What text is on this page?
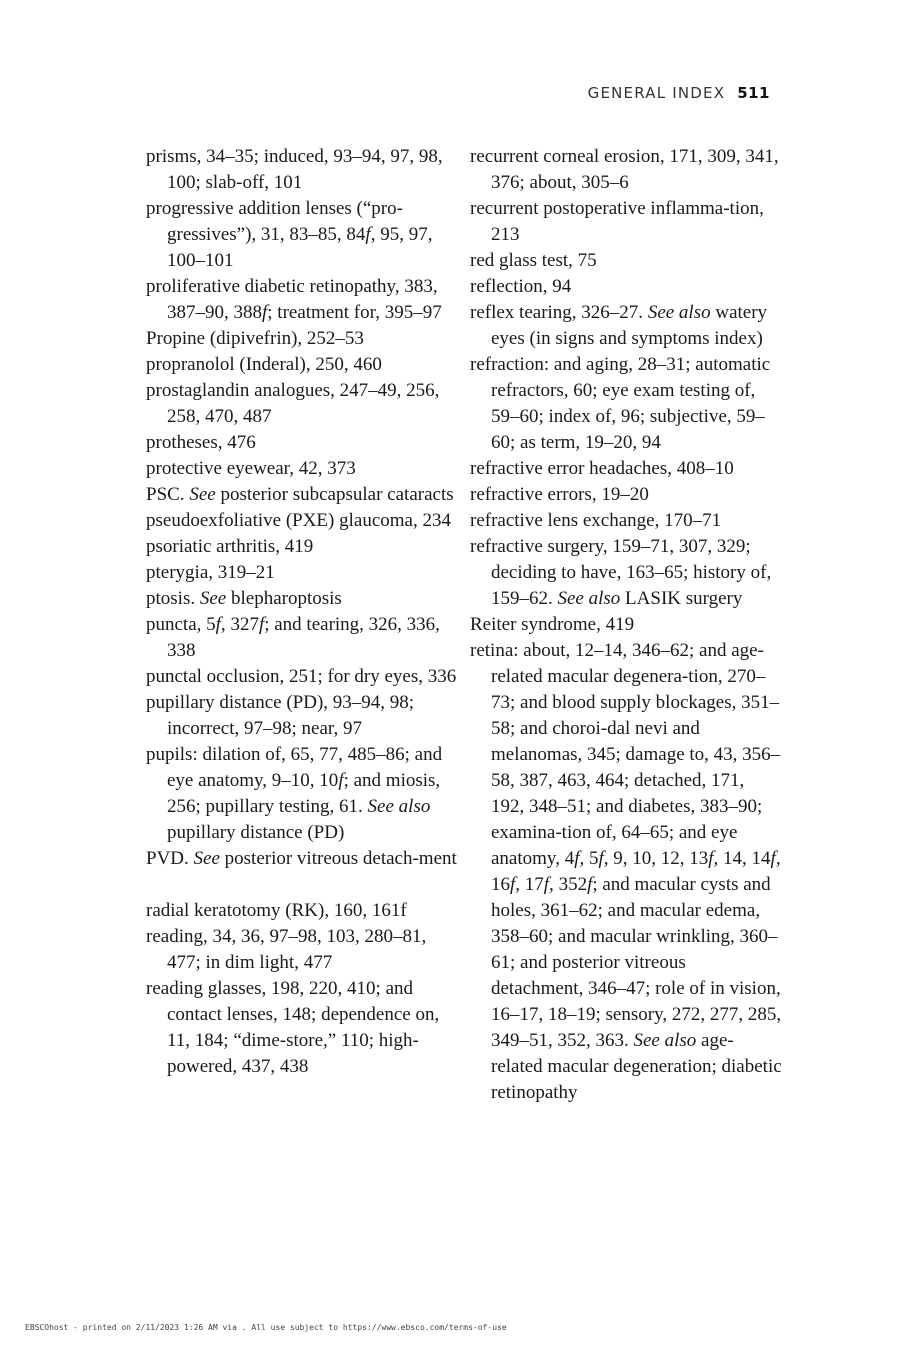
GENERAL INDEX 511

prisms, 34–35; induced, 93–94, 97, 98, 100; slab-off, 101

progressive addition lenses (“pro-gressives”), 31, 83–85, 84f, 95, 97, 100–101

proliferative diabetic retinopathy, 383, 387–90, 388f; treatment for, 395–97

Propine (dipivefrin), 252–53

propranolol (Inderal), 250, 460

prostaglandin analogues, 247–49, 256, 258, 470, 487

protheses, 476

protective eyewear, 42, 373

PSC. See posterior subcapsular cataracts

pseudoexfoliative (PXE) glaucoma, 234

psoriatic arthritis, 419

pterygia, 319–21

ptosis. See blepharoptosis

puncta, 5f, 327f; and tearing, 326, 336, 338

punctal occlusion, 251; for dry eyes, 336

pupillary distance (PD), 93–94, 98; incorrect, 97–98; near, 97

pupils: dilation of, 65, 77, 485–86; and eye anatomy, 9–10, 10f; and miosis, 256; pupillary testing, 61. See also pupillary distance (PD)

PVD. See posterior vitreous detach-ment

radial keratotomy (RK), 160, 161f

reading, 34, 36, 97–98, 103, 280–81, 477; in dim light, 477

reading glasses, 198, 220, 410; and contact lenses, 148; dependence on, 11, 184; “dime-store,” 110; high-powered, 437, 438

recurrent corneal erosion, 171, 309, 341, 376; about, 305–6

recurrent postoperative inflamma-tion, 213

red glass test, 75

reflection, 94

reflex tearing, 326–27. See also watery eyes (in signs and symptoms index)

refraction: and aging, 28–31; automatic refractors, 60; eye exam testing of, 59–60; index of, 96; subjective, 59–60; as term, 19–20, 94

refractive error headaches, 408–10

refractive errors, 19–20

refractive lens exchange, 170–71

refractive surgery, 159–71, 307, 329; deciding to have, 163–65; history of, 159–62. See also LASIK surgery

Reiter syndrome, 419

retina: about, 12–14, 346–62; and age-related macular degenera-tion, 270–73; and blood supply blockages, 351–58; and choroi-dal nevi and melanomas, 345; damage to, 43, 356–58, 387, 463, 464; detached, 171, 192, 348–51; and diabetes, 383–90; examina-tion of, 64–65; and eye anatomy, 4f, 5f, 9, 10, 12, 13f, 14, 14f, 16f, 17f, 352f; and macular cysts and holes, 361–62; and macular edema, 358–60; and macular wrinkling, 360–61; and posterior vitreous detachment, 346–47; role of in vision, 16–17, 18–19; sensory, 272, 277, 285, 349–51, 352, 363. See also age-related macular degeneration; diabetic retinopathy

EBSCOhost - printed on 2/11/2023 1:26 AM via . All use subject to https://www.ebsco.com/terms-of-use
